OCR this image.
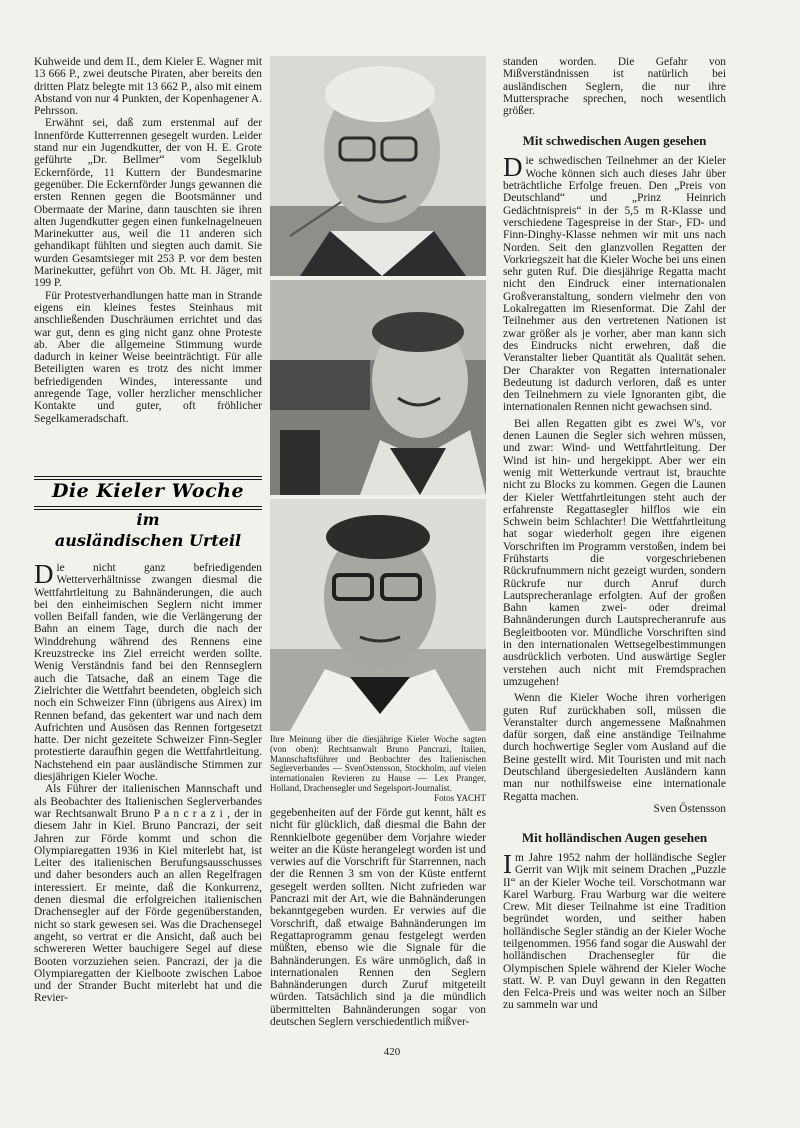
Kuhweide und dem II., dem Kieler E. Wagner mit 13 666 P., zwei deutsche Piraten, aber bereits den dritten Platz belegte mit 13 662 P., also mit einem Abstand von nur 4 Punkten, der Kopenhagener A. Pehrsson.

Erwähnt sei, daß zum erstenmal auf der Innenförde Kutterrennen gesegelt wurden. Leider stand nur ein Jugendkutter, der von H. E. Grote geführte „Dr. Bellmer“ vom Segelklub Eckernförde, 11 Kuttern der Bundesmarine gegenüber. Die Eckernförder Jungs gewannen die ersten Rennen gegen die Bootsmänner und Obermaate der Marine, dann tauschten sie ihren alten Jugendkutter gegen einen funkelnagelneuen Marinekutter aus, weil die 11 anderen sich gehandikapt fühlten und siegten auch damit. Sie wurden Gesamtsieger mit 253 P. vor dem besten Marinekutter, geführt von Ob. Mt. H. Jäger, mit 199 P.

Für Protestverhandlungen hatte man in Strande eigens ein kleines festes Steinhaus mit anschließenden Duschräumen errichtet und das war gut, denn es ging nicht ganz ohne Proteste ab. Aber die allgemeine Stimmung wurde dadurch in keiner Weise beeinträchtigt. Für alle Beteiligten waren es trotz des nicht immer befriedigenden Windes, interessante und anregende Tage, voller herzlicher menschlicher Kontakte und guter, oft fröhlicher Segelkameradschaft.

Die Kieler Woche
im
ausländischen Urteil

Die nicht ganz befriedigenden Wetterverhältnisse zwangen diesmal die Wettfahrtleitung zu Bahnänderungen, die auch bei den einheimischen Seglern nicht immer vollen Beifall fanden, wie die Verlängerung der Bahn an einem Tage, durch die nach der Winddrehung während des Rennens eine Kreuzstrecke ins Ziel erreicht werden sollte. Wenig Verständnis fand bei den Rennseglern auch die Tatsache, daß an einem Tage die Zielrichter die Wettfahrt beendeten, obgleich sich noch ein Schweizer Finn (übrigens aus Airex) im Rennen befand, das gekentert war und nach dem Aufrichten und Ausösen das Rennen fortgesetzt hatte. Der nicht gezeitete Schweizer Finn-Segler protestierte daraufhin gegen die Wettfahrtleitung. Nachstehend ein paar ausländische Stimmen zur diesjährigen Kieler Woche.

Als Führer der italienischen Mannschaft und als Beobachter des Italienischen Seglerverbandes war Rechtsanwalt Bruno P a n c r a z i , der in diesem Jahr in Kiel. Bruno Pancrazi, der seit Jahren zur Förde kommt und schon die Olympiaregatten 1936 in Kiel miterlebt hat, ist Leiter des italienischen Berufungsausschusses und daher besonders auch an allen Regelfragen interessiert. Er meinte, daß die Konkurrenz, denen diesmal die erfolgreichen italienischen Drachensegler auf der Förde gegenüberstanden, nicht so stark gewesen sei. Was die Drachensegel angeht, so vertrat er die Ansicht, daß auch bei schwereren Wetter bauchigere Segel auf diese Booten vorzuziehen seien. Pancrazi, der ja die Olympiaregatten der Kielboote zwischen Laboe und der Strander Bucht miterlebt hat und die Revier-

Ihre Meinung über die diesjährige Kieler Woche sagten (von oben): Rechtsanwalt Bruno Pancrazi, Italien, Mannschaftsführer und Beobachter des Italienischen Seglerverbandes — SvenOstensson, Stockholm, auf vielen internationalen Revieren zu Hause — Lex Pranger, Holland, Drachensegler und Segelsport-Journalist.
Fotos YACHT

gegebenheiten auf der Förde gut kennt, hält es nicht für glücklich, daß diesmal die Bahn der Rennkielbote gegenüber dem Vorjahre wieder weiter an die Küste herangelegt worden ist und verwies auf die Vorschrift für Starrennen, nach der die Rennen 3 sm von der Küste entfernt gesegelt werden sollten. Nicht zufrieden war Pancrazi mit der Art, wie die Bahnänderungen bekanntgegeben wurden. Er verwies auf die Vorschrift, daß etwaige Bahnänderungen im Regattaprogramm genau festgelegt werden müßten, ebenso wie die Signale für die Bahnänderungen. Es wäre unmöglich, daß in internationalen Rennen den Seglern Bahnänderungen durch Zuruf mitgeteilt würden. Tatsächlich sind ja die mündlich übermittelten Bahnänderungen sogar von deutschen Seglern verschiedentlich mißver-

standen worden. Die Gefahr von Mißverständnissen ist natürlich bei ausländischen Seglern, die nur ihre Muttersprache sprechen, noch wesentlich größer.

Mit schwedischen Augen gesehen

Die schwedischen Teilnehmer an der Kieler Woche können sich auch dieses Jahr über beträchtliche Erfolge freuen. Den „Preis von Deutschland“ und „Prinz Heinrich Gedächtnispreis“ in der 5,5 m R-Klasse und verschiedene Tagespreise in der Star-, FD- und Finn-Dinghy-Klasse nehmen wir mit uns nach Norden. Seit den glanzvollen Regatten der Vorkriegszeit hat die Kieler Woche bei uns einen sehr guten Ruf. Die diesjährige Regatta macht nicht den Eindruck einer internationalen Großveranstaltung, sondern vielmehr den von Lokalregatten im Riesenformat. Die Zahl der Teilnehmer aus den vertretenen Nationen ist zwar größer als je vorher, aber man kann sich des Eindrucks nicht erwehren, daß die Veranstalter lieber Quantität als Qualität sehen. Der Charakter von Regatten internationaler Bedeutung ist dadurch verloren, daß es unter den Teilnehmern zu viele Ignoranten gibt, die internationalen Rennen nicht gewachsen sind.

Bei allen Regatten gibt es zwei W's, vor denen Launen die Segler sich wehren müssen, und zwar: Wind- und Wettfahrtleitung. Der Wind ist hin- und hergekippt. Aber wer ein wenig mit Wetterkunde vertraut ist, brauchte nicht zu Blocks zu kommen. Gegen die Launen der Kieler Wettfahrtleitungen steht auch der erfahrenste Regattasegler hilflos wie ein Schwein beim Schlachter! Die Wettfahrtleitung hat sogar wiederholt gegen ihre eigenen Vorschriften im Programm verstoßen, indem bei Frühstarts die vorgeschriebenen Rückrufnummern nicht gezeigt wurden, sondern Rückrufe nur durch Anruf durch Lautsprecheranlage erfolgten. Auf der großen Bahn kamen zwei- oder dreimal Bahnänderungen durch Lautsprecheranrufe aus Begleitbooten vor. Mündliche Vorschriften sind in den internationalen Wettsegelbestimmungen ausdrücklich verboten. Und auswärtige Segler verstehen auch nicht mit Fremdsprachen umzugehen!

Wenn die Kieler Woche ihren vorherigen guten Ruf zurückhaben soll, müssen die Veranstalter durch angemessene Maßnahmen dafür sorgen, daß eine anständige Teilnahme durch hochwertige Segler vom Ausland auf die Beine gestellt wird. Mit Touristen und mit nach Deutschland übergesiedelten Ausländern kann man nur nothilfsweise eine internationale Regatta machen.

Sven Östensson

Mit holländischen Augen gesehen

Im Jahre 1952 nahm der holländische Segler Gerrit van Wijk mit seinem Drachen „Puzzle II“ an der Kieler Woche teil. Vorschotmann war Karel Warburg. Frau Warburg war die weitere Crew. Mit dieser Teilnahme ist eine Tradition begründet worden, und seither haben holländische Segler ständig an der Kieler Woche teilgenommen. 1956 fand sogar die Auswahl der holländischen Drachensegler für die Olympischen Spiele während der Kieler Woche statt. W. P. van Duyl gewann in den Regatten den Felca-Preis und was weiter noch an Silber zu sammeln war und

420
